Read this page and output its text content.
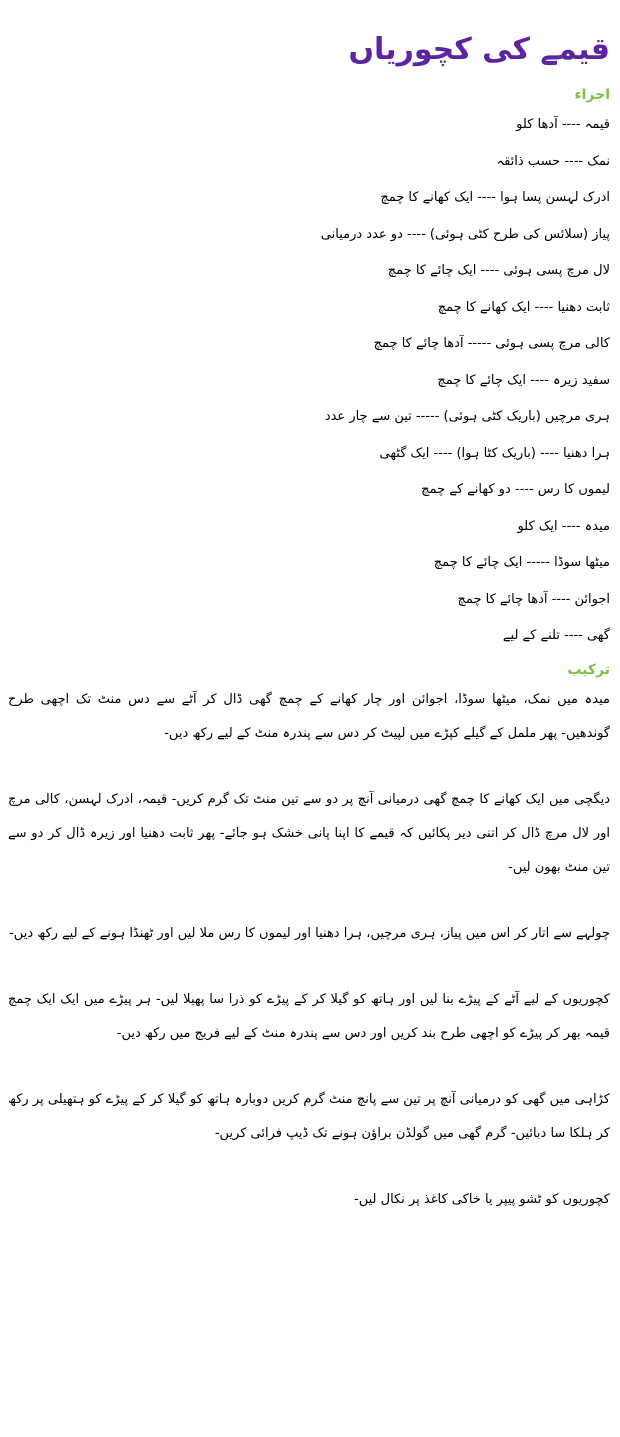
قیمے کی کچوریاں
اجزاء
قیمہ ---- آدھا کلو
نمک ---- حسب ذائقہ
ادرک لہسن پسا ہوا ---- ایک کھانے کا چمچ
پیاز (سلائس کی طرح کٹی ہوئی) ---- دو عدد درمیانی
لال مرچ پسی ہوئی ---- ایک چائے کا چمچ
ثابت دھنیا ---- ایک کھانے کا چمچ
کالی مرچ پسی ہوئی ----- آدھا چائے کا چمچ
سفید زیرہ ---- ایک چائے کا چمچ
ہری مرچیں (باریک کٹی ہوئی) ----- تین سے چار عدد
ہرا دھنیا ---- (باریک کٹا ہوا) ---- ایک گٹھی
لیموں کا رس ---- دو کھانے کے چمچ
میدہ ---- ایک کلو
میٹھا سوڈا ----- ایک چائے کا چمچ
اجوائن ---- آدھا چائے کا چمچ
گھی ---- تلنے کے لیے
ترکیب

میدہ میں نمک، میٹھا سوڈا، اجوائن اور چار کھانے کے چمچ گھی ڈال کر آٹے سے دس منٹ تک اچھی طرح گوندھیں- پھر ململ کے گیلے کپڑے میں لپیٹ کر دس سے پندرہ منٹ کے لیے رکھ دیں-

دیگچی میں ایک کھانے کا چمچ گھی درمیانی آنچ پر دو سے تین منٹ تک گرم کریں- قیمہ، ادرک لہسن، کالی مرچ اور لال مرچ ڈال کر اتنی دیر پکائیں کہ قیمے کا اپنا پانی خشک ہو جائے- پھر ثابت دھنیا اور زیرہ ڈال کر دو سے تین منٹ بھون لیں-

چولہے سے اتار کر اس میں پیاز، ہری مرچیں، ہرا دھنیا اور لیموں کا رس ملا لیں اور ٹھنڈا ہونے کے لیے رکھ دیں-

کچوریوں کے لیے آٹے کے پیڑے بنا لیں اور ہاتھ کو گیلا کر کے پیڑے کو ذرا سا پھیلا لیں- ہر پیڑے میں ایک ایک چمچ قیمہ بھر کر پیڑے کو اچھی طرح بند کریں اور دس سے پندرہ منٹ کے لیے فریج میں رکھ دیں-

کڑاہی میں گھی کو درمیانی آنچ پر تین سے پانچ منٹ گرم کریں دوبارہ ہاتھ کو گیلا کر کے پیڑے کو ہتھیلی پر رکھ کر ہلکا سا دبائیں- گرم گھی میں گولڈن براؤن ہونے تک ڈیپ فرائی کریں-

کچوریوں کو ٹشو پیپر یا خاکی کاغذ پر نکال لیں-
